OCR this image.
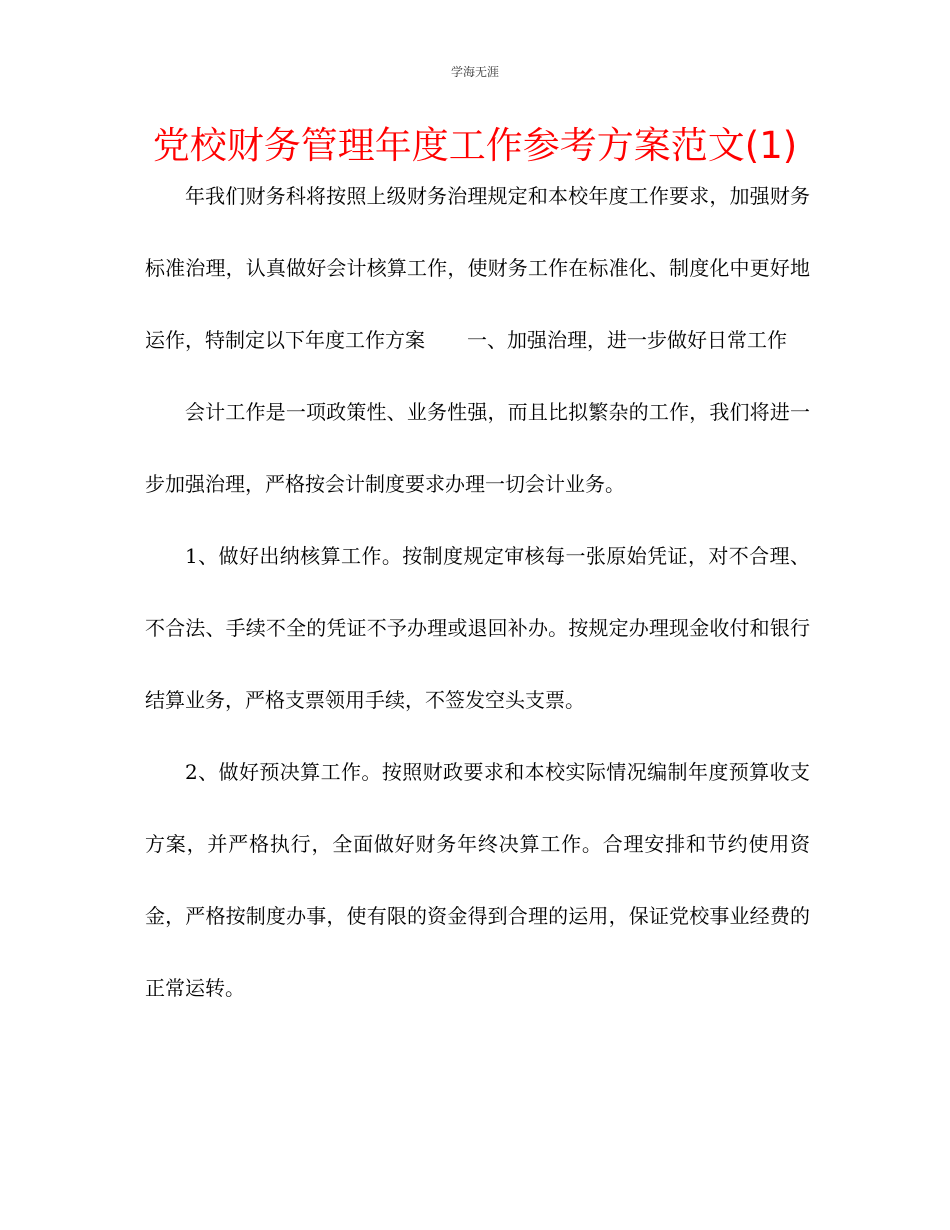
学海无涯
党校财务管理年度工作参考方案范文(1)

年我们财务科将按照上级财务治理规定和本校年度工作要求，加强财务标准治理，认真做好会计核算工作，使财务工作在标准化、制度化中更好地运作，特制定以下年度工作方案 一、加强治理，进一步做好日常工作

会计工作是一项政策性、业务性强，而且比拟繁杂的工作，我们将进一步加强治理，严格按会计制度要求办理一切会计业务。

1、做好出纳核算工作。按制度规定审核每一张原始凭证，对不合理、不合法、手续不全的凭证不予办理或退回补办。按规定办理现金收付和银行结算业务，严格支票领用手续，不签发空头支票。

2、做好预决算工作。按照财政要求和本校实际情况编制年度预算收支方案，并严格执行，全面做好财务年终决算工作。合理安排和节约使用资金，严格按制度办事，使有限的资金得到合理的运用，保证党校事业经费的正常运转。
